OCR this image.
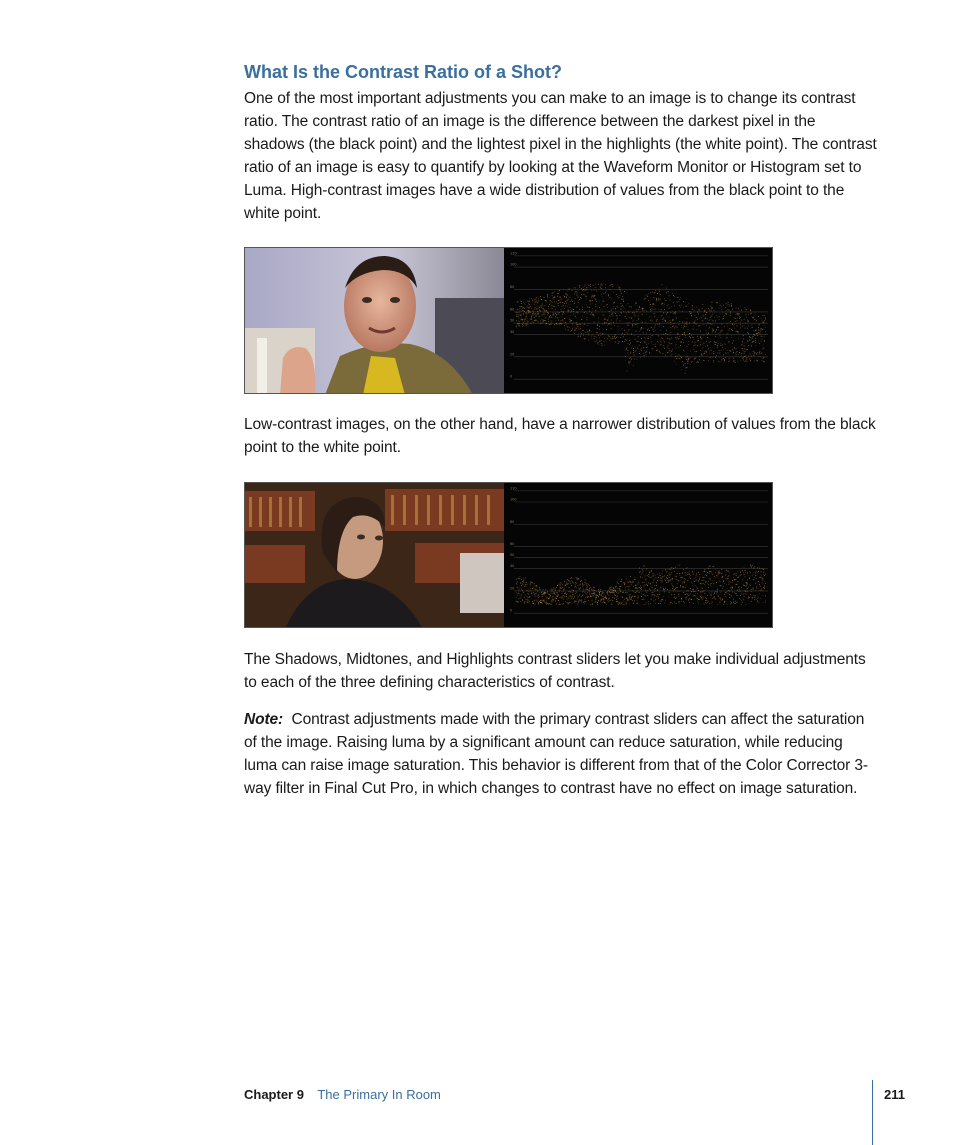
What Is the Contrast Ratio of a Shot?

One of the most important adjustments you can make to an image is to change its contrast ratio. The contrast ratio of an image is the difference between the darkest pixel in the shadows (the black point) and the lightest pixel in the highlights (the white point). The contrast ratio of an image is easy to quantify by looking at the Waveform Monitor or Histogram set to Luma. High-contrast images have a wide distribution of values from the black point to the white point.

110
100
80
60
50
40
20
0

Low-contrast images, on the other hand, have a narrower distribution of values from the black point to the white point.

110
100
80
60
50
40
20
0

The Shadows, Midtones, and Highlights contrast sliders let you make individual adjustments to each of the three defining characteristics of contrast.

Note: Contrast adjustments made with the primary contrast sliders can affect the saturation of the image. Raising luma by a significant amount can reduce saturation, while reducing luma can raise image saturation. This behavior is different from that of the Color Corrector 3-way filter in Final Cut Pro, in which changes to contrast have no effect on image saturation.

Chapter 9 The Primary In Room	211
